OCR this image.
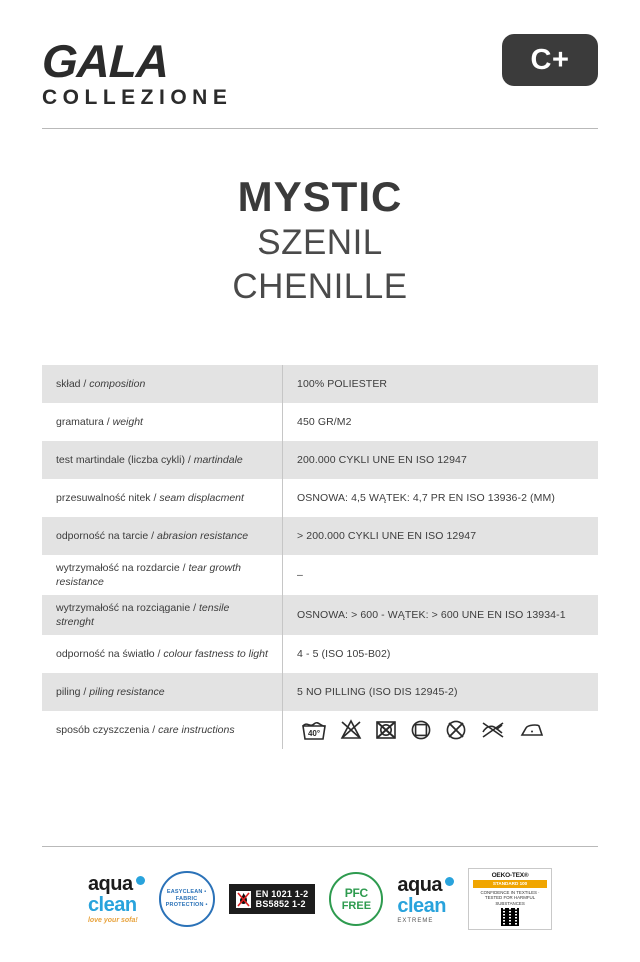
GALA
COLLEZIONE
C+
MYSTIC
SZENIL
CHENILLE
skład / composition	100% POLIESTER
gramatura / weight	450 GR/M2
test martindale (liczba cykli) / martindale	200.000 CYKLI UNE EN ISO 12947
przesuwalność nitek / seam displacment	OSNOWA: 4,5 WĄTEK: 4,7 PR EN ISO 13936-2 (MM)
odporność na tarcie / abrasion resistance	> 200.000 CYKLI UNE EN ISO 12947
wytrzymałość na rozdarcie / tear growth resistance	–
wytrzymałość na rozciąganie / tensile strenght	OSNOWA: > 600 - WĄTEK: > 600 UNE EN ISO 13934-1
odporność na światło / colour fastness to light	4 - 5 (ISO 105-B02)
piling / piling resistance	5 NO PILLING (ISO DIS 12945-2)
sposób czyszczenia / care instructions	40°
aqua
clean
love your sofa!
EASYCLEAN • FABRIC PROTECTION •
EN 1021 1-2
BS5852 1-2
PFC
FREE
aqua
clean
EXTREME
OEKO-TEX®
STANDARD 100
CONFIDENCE IN TEXTILES · TESTED FOR HARMFUL SUBSTANCES
